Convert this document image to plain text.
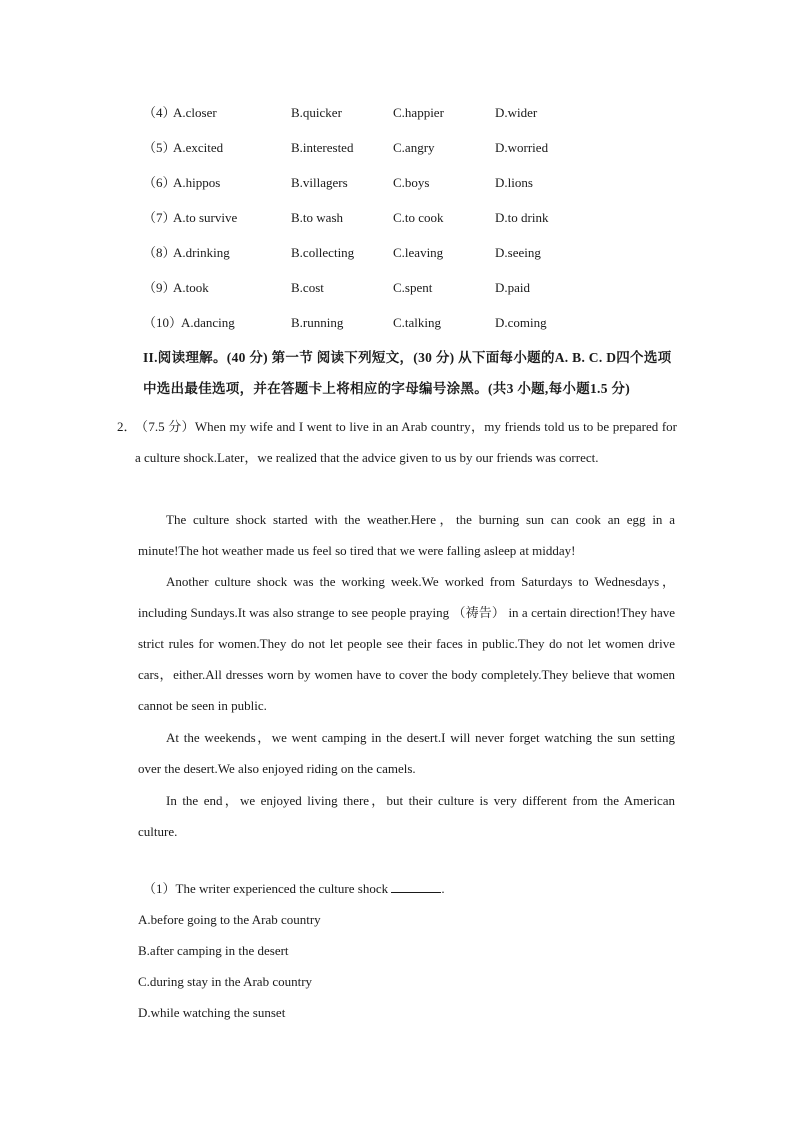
（4）
A.closer	B.quicker	C.happier	D.wider
（5）
A.excited	B.interested	C.angry	D.worried
（6）
A.hippos	B.villagers	C.boys	D.lions
（7）
A.to survive	B.to wash	C.to cook	D.to drink
（8）
A.drinking	B.collecting	C.leaving	D.seeing
（9）
A.took	B.cost	C.spent	D.paid
（10）
A.dancing	B.running	C.talking	D.coming
II.阅读理解。(40 分) 第一节 阅读下列短文，(30 分) 从下面每小题的A. B. C. D四个选项中选出最佳选项，并在答题卡上将相应的字母编号涂黑。(共3 小题,每小题1.5 分)
2．
（7.5 分）When my wife and I went to live in an Arab country，my friends told us to be prepared for a culture shock.Later，we realized that the advice given to us by our friends was correct.
The culture shock started with the weather.Here，the burning sun can cook an egg in a minute!The hot weather made us feel so tired that we were falling asleep at midday!
Another culture shock was the working week.We worked from Saturdays to Wednesdays，including Sundays.It was also strange to see people praying （祷告） in a certain direction!They have strict rules for women.They do not let people see their faces in public.They do not let women drive cars，either.All dresses worn by women have to cover the body completely.They believe that women cannot be seen in public.
At the weekends，we went camping in the desert.I will never forget watching the sun setting over the desert.We also enjoyed riding on the camels.
In the end，we enjoyed living there，but their culture is very different from the American culture.
（1）The writer experienced the culture shock	.
A.before going to the Arab country
B.after camping in the desert
C.during stay in the Arab country
D.while watching the sunset
